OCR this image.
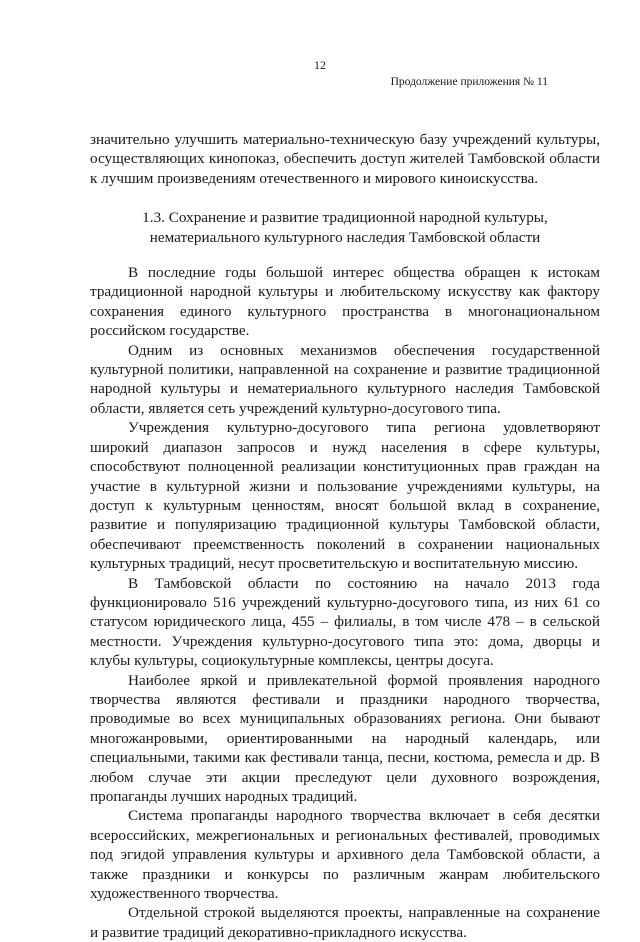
12
Продолжение приложения № 11

значительно улучшить материально-техническую базу учреждений культуры, осуществляющих кинопоказ, обеспечить доступ жителей Тамбовской области к лучшим произведениям отечественного и мирового киноискусства.

1.3. Сохранение и развитие традиционной народной культуры,
нематериального культурного наследия Тамбовской области

В последние годы большой интерес общества обращен к истокам традиционной народной культуры и любительскому искусству как фактору сохранения единого культурного пространства в многонациональном российском государстве.

Одним из основных механизмов обеспечения государственной культурной политики, направленной на сохранение и развитие традиционной народной культуры и нематериального культурного наследия Тамбовской области, является сеть учреждений культурно-досугового типа.

Учреждения культурно-досугового типа региона удовлетворяют широкий диапазон запросов и нужд населения в сфере культуры, способствуют полноценной реализации конституционных прав граждан на участие в культурной жизни и пользование учреждениями культуры, на доступ к культурным ценностям, вносят большой вклад в сохранение, развитие и популяризацию традиционной культуры Тамбовской области, обеспечивают преемственность поколений в сохранении национальных культурных традиций, несут просветительскую и воспитательную миссию.

В Тамбовской области по состоянию на начало 2013 года функционировало 516 учреждений культурно-досугового типа, из них 61 со статусом юридического лица, 455 – филиалы, в том числе 478 – в сельской местности. Учреждения культурно-досугового типа это: дома, дворцы и клубы культуры, социокультурные комплексы, центры досуга.

Наиболее яркой и привлекательной формой проявления народного творчества являются фестивали и праздники народного творчества, проводимые во всех муниципальных образованиях региона. Они бывают многожанровыми, ориентированными на народный календарь, или специальными, такими как фестивали танца, песни, костюма, ремесла и др. В любом случае эти акции преследуют цели духовного возрождения, пропаганды лучших народных традиций.

Система пропаганды народного творчества включает в себя десятки всероссийских, межрегиональных и региональных фестивалей, проводимых под эгидой управления культуры и архивного дела Тамбовской области, а также праздники и конкурсы по различным жанрам любительского художественного творчества.

Отдельной строкой выделяются проекты, направленные на сохранение и развитие традиций декоративно-прикладного искусства.
